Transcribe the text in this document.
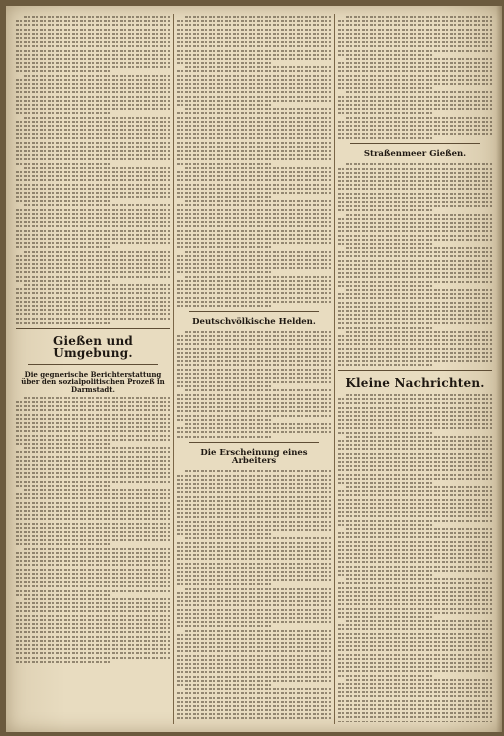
Gießen und Umgebung.
Die gegnerische Berichterstattung über den sozialpolitischen Prozeß in Darmstadt.
Deutschvölkische Helden.
Die Erscheinung eines Arbeiters
Straßenmeer Gießen.
Kleine Nachrichten.
